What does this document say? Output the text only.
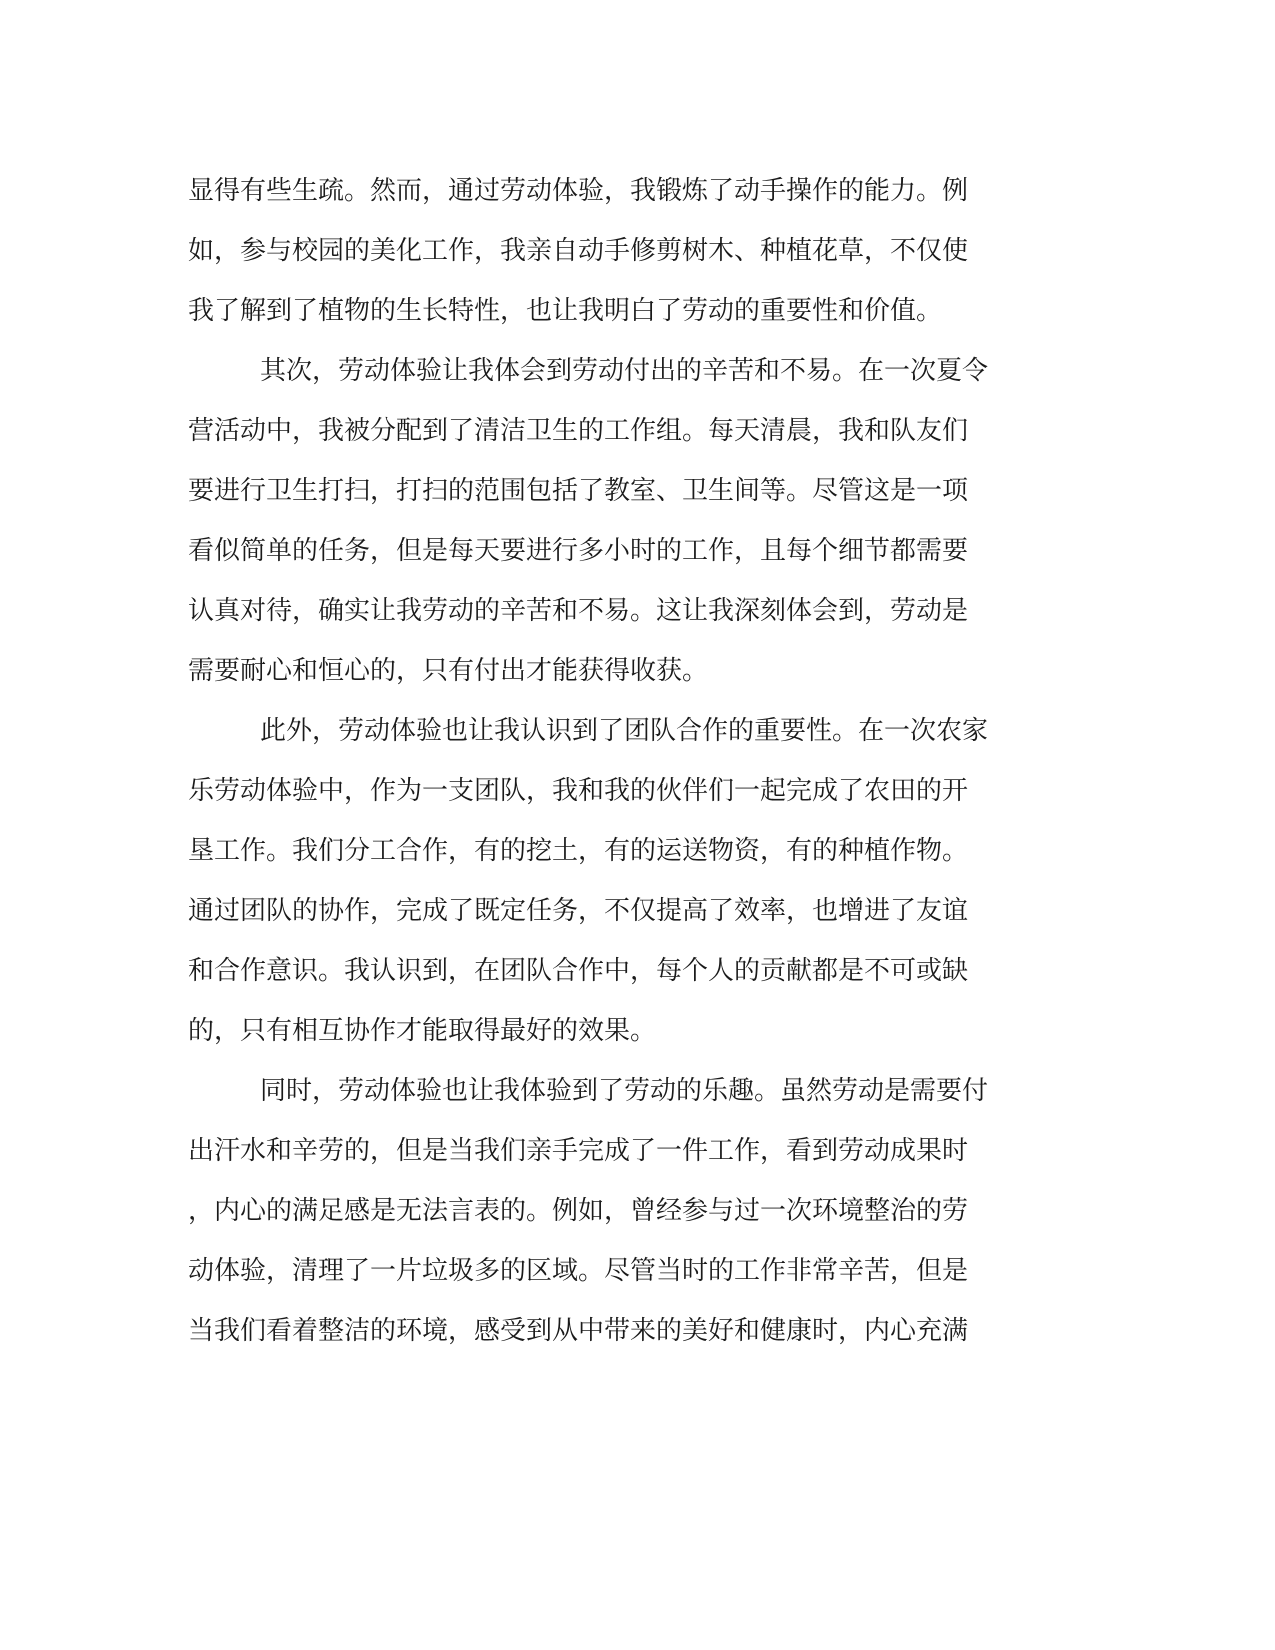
显得有些生疏。然而，通过劳动体验，我锻炼了动手操作的能力。例
如，参与校园的美化工作，我亲自动手修剪树木、种植花草，不仅使
我了解到了植物的生长特性，也让我明白了劳动的重要性和价值。
其次，劳动体验让我体会到劳动付出的辛苦和不易。在一次夏令
营活动中，我被分配到了清洁卫生的工作组。每天清晨，我和队友们
要进行卫生打扫，打扫的范围包括了教室、卫生间等。尽管这是一项
看似简单的任务，但是每天要进行多小时的工作，且每个细节都需要
认真对待，确实让我劳动的辛苦和不易。这让我深刻体会到，劳动是
需要耐心和恒心的，只有付出才能获得收获。
此外，劳动体验也让我认识到了团队合作的重要性。在一次农家
乐劳动体验中，作为一支团队，我和我的伙伴们一起完成了农田的开
垦工作。我们分工合作，有的挖土，有的运送物资，有的种植作物。
通过团队的协作，完成了既定任务，不仅提高了效率，也增进了友谊
和合作意识。我认识到，在团队合作中，每个人的贡献都是不可或缺
的，只有相互协作才能取得最好的效果。
同时，劳动体验也让我体验到了劳动的乐趣。虽然劳动是需要付
出汗水和辛劳的，但是当我们亲手完成了一件工作，看到劳动成果时
，内心的满足感是无法言表的。例如，曾经参与过一次环境整治的劳
动体验，清理了一片垃圾多的区域。尽管当时的工作非常辛苦，但是
当我们看着整洁的环境，感受到从中带来的美好和健康时，内心充满
